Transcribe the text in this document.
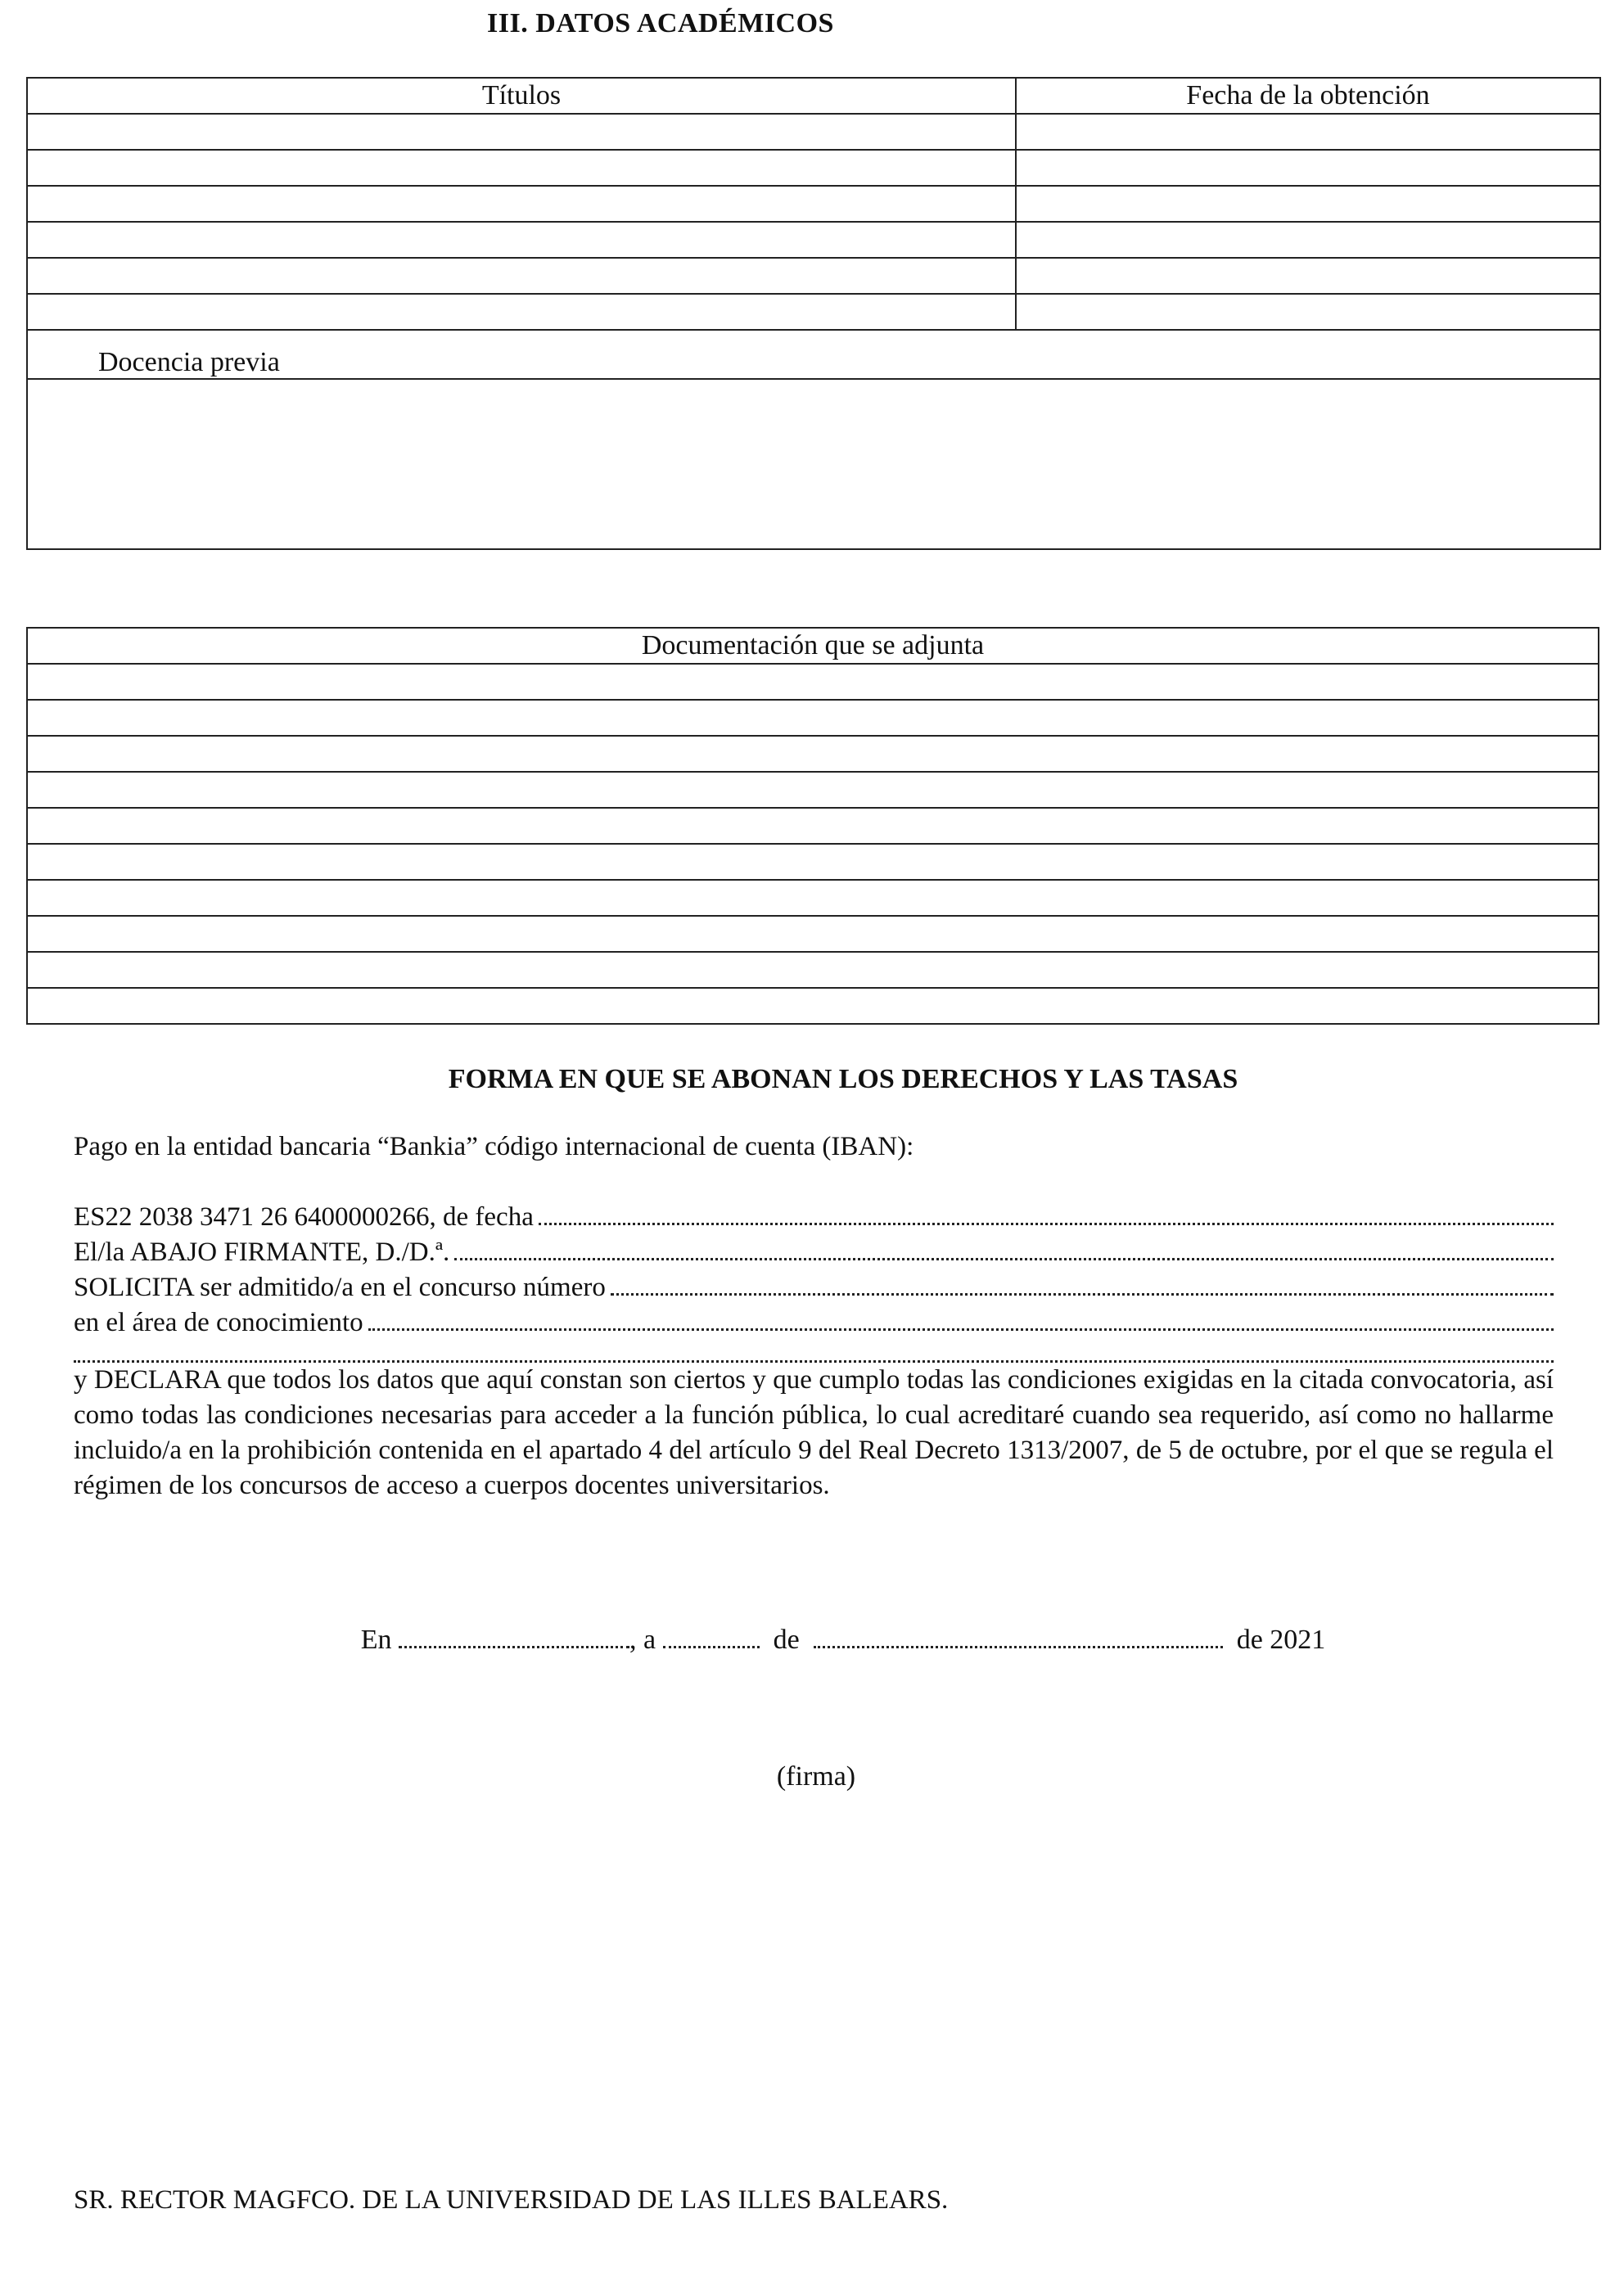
III. DATOS ACADÉMICOS
Títulos	Fecha de la obtención

Docencia previa	

Documentación que se adjunta

FORMA EN QUE SE ABONAN LOS DERECHOS Y LAS TASAS
Pago en la entidad bancaria “Bankia” código internacional de cuenta (IBAN):
ES22 2038 3471 26 6400000266, de fecha
El/la ABAJO FIRMANTE, D./D.ª.
SOLICITA ser admitido/a en el concurso número
en el área de conocimiento
y DECLARA que todos los datos que aquí constan son ciertos y que cumplo todas las condiciones exigidas en la citada convocatoria, así como todas las condiciones necesarias para acceder a la función pública, lo cual acreditaré cuando sea requerido, así como no hallarme incluido/a en la prohibición contenida en el apartado 4 del artículo 9 del Real Decreto 1313/2007, de 5 de octubre, por el que se regula el régimen de los concursos de acceso a cuerpos docentes universitarios.
En	, a	de	de 2021
(firma)
SR. RECTOR MAGFCO. DE LA UNIVERSIDAD DE LAS ILLES BALEARS.
